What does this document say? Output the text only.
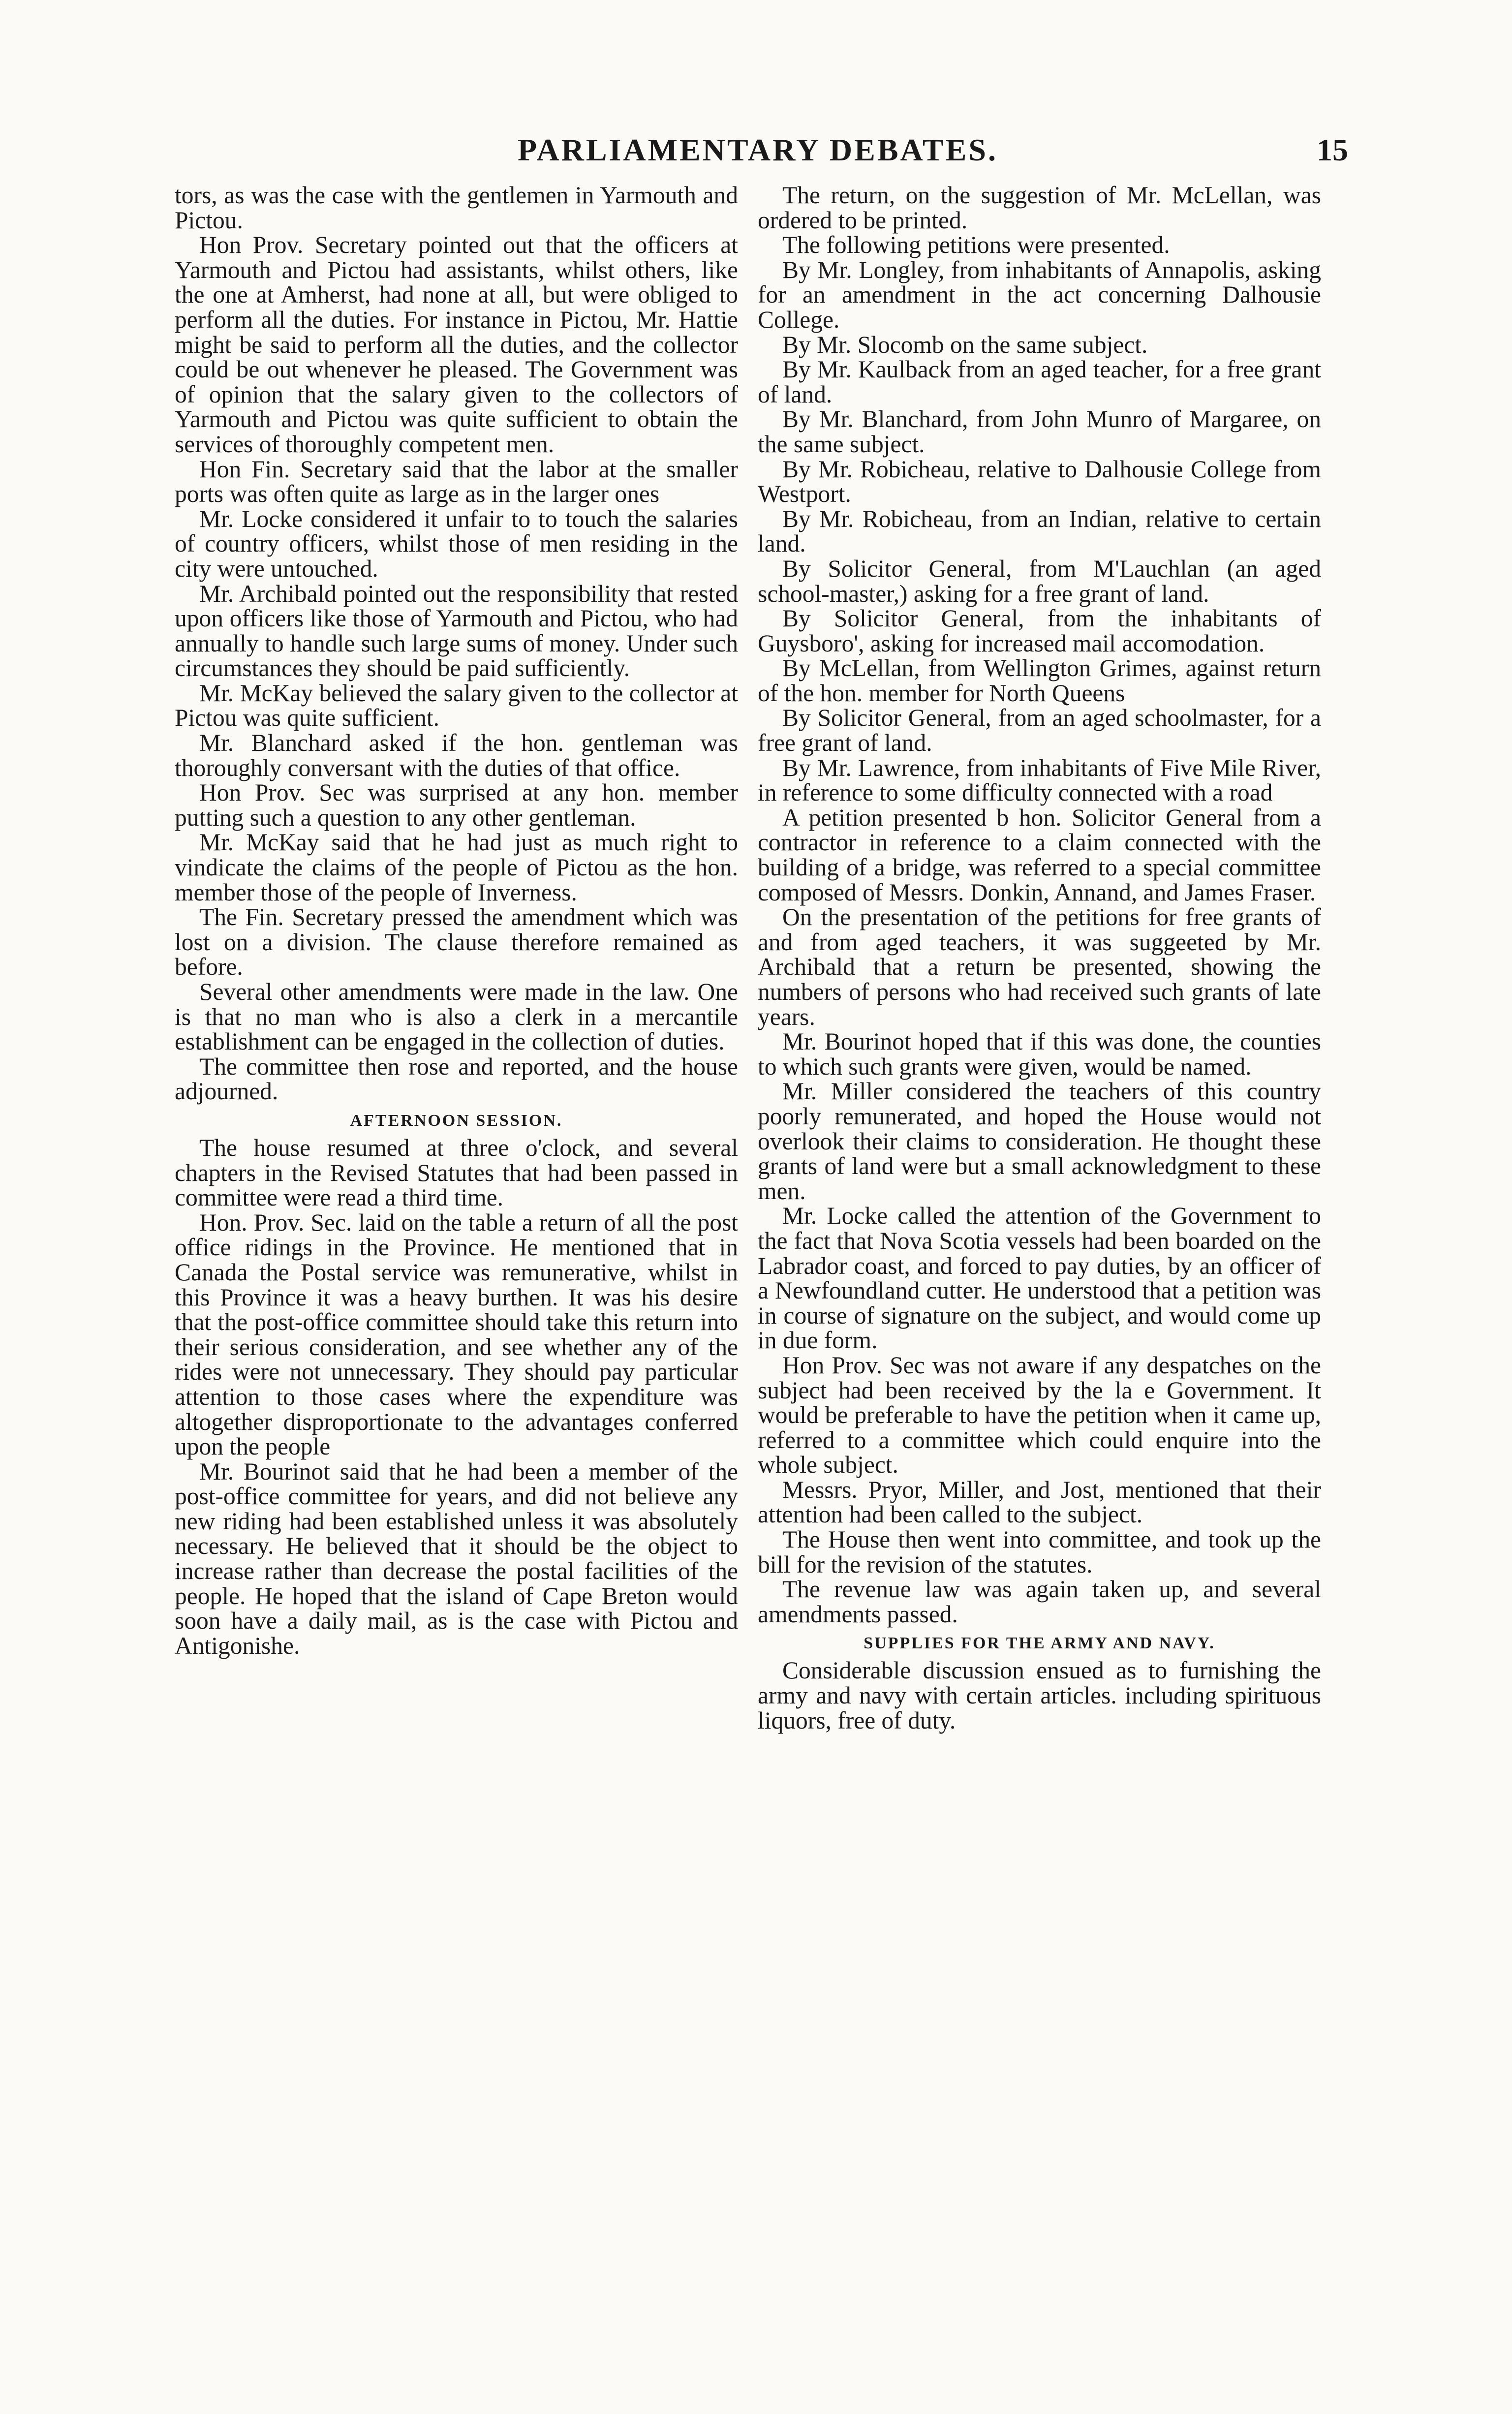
PARLIAMENTARY DEBATES.	15

tors, as was the case with the gentlemen in Yarmouth and Pictou.

Hon Prov. Secretary pointed out that the officers at Yarmouth and Pictou had assistants, whilst others, like the one at Amherst, had none at all, but were obliged to perform all the duties. For instance in Pictou, Mr. Hattie might be said to perform all the duties, and the collector could be out whenever he pleased. The Government was of opinion that the salary given to the collectors of Yarmouth and Pictou was quite sufficient to obtain the services of thoroughly competent men.

Hon Fin. Secretary said that the labor at the smaller ports was often quite as large as in the larger ones

Mr. Locke considered it unfair to to touch the salaries of country officers, whilst those of men residing in the city were untouched.

Mr. Archibald pointed out the responsibility that rested upon officers like those of Yarmouth and Pictou, who had annually to handle such large sums of money. Under such circumstances they should be paid sufficiently.

Mr. McKay believed the salary given to the collector at Pictou was quite sufficient.

Mr. Blanchard asked if the hon. gentleman was thoroughly conversant with the duties of that office.

Hon Prov. Sec was surprised at any hon. member putting such a question to any other gentleman.

Mr. McKay said that he had just as much right to vindicate the claims of the people of Pictou as the hon. member those of the people of Inverness.

The Fin. Secretary pressed the amendment which was lost on a division. The clause therefore remained as before.

Several other amendments were made in the law. One is that no man who is also a clerk in a mercantile establishment can be engaged in the collection of duties.

The committee then rose and reported, and the house adjourned.

AFTERNOON SESSION.

The house resumed at three o'clock, and several chapters in the Revised Statutes that had been passed in committee were read a third time.

Hon. Prov. Sec. laid on the table a return of all the post office ridings in the Province. He mentioned that in Canada the Postal service was remunerative, whilst in this Province it was a heavy burthen. It was his desire that the post-office committee should take this return into their serious consideration, and see whether any of the rides were not unnecessary. They should pay particular attention to those cases where the expenditure was altogether disproportionate to the advantages conferred upon the people

Mr. Bourinot said that he had been a member of the post-office committee for years, and did not believe any new riding had been established unless it was absolutely necessary. He believed that it should be the object to increase rather than decrease the postal facilities of the people. He hoped that the island of Cape Breton would soon have a daily mail, as is the case with Pictou and Antigonishe.

The return, on the suggestion of Mr. McLellan, was ordered to be printed.

The following petitions were presented.

By Mr. Longley, from inhabitants of Annapolis, asking for an amendment in the act concerning Dalhousie College.

By Mr. Slocomb on the same subject.

By Mr. Kaulback from an aged teacher, for a free grant of land.

By Mr. Blanchard, from John Munro of Margaree, on the same subject.

By Mr. Robicheau, relative to Dalhousie College from Westport.

By Mr. Robicheau, from an Indian, relative to certain land.

By Solicitor General, from M'Lauchlan (an aged school-master,) asking for a free grant of land.

By Solicitor General, from the inhabitants of Guysboro', asking for increased mail accomodation.

By McLellan, from Wellington Grimes, against return of the hon. member for North Queens

By Solicitor General, from an aged schoolmaster, for a free grant of land.

By Mr. Lawrence, from inhabitants of Five Mile River, in reference to some difficulty connected with a road

A petition presented b hon. Solicitor General from a contractor in reference to a claim connected with the building of a bridge, was referred to a special committee composed of Messrs. Donkin, Annand, and James Fraser.

On the presentation of the petitions for free grants of and from aged teachers, it was suggeeted by Mr. Archibald that a return be presented, showing the numbers of persons who had received such grants of late years.

Mr. Bourinot hoped that if this was done, the counties to which such grants were given, would be named.

Mr. Miller considered the teachers of this country poorly remunerated, and hoped the House would not overlook their claims to consideration. He thought these grants of land were but a small acknowledgment to these men.

Mr. Locke called the attention of the Government to the fact that Nova Scotia vessels had been boarded on the Labrador coast, and forced to pay duties, by an officer of a Newfoundland cutter. He understood that a petition was in course of signature on the subject, and would come up in due form.

Hon Prov. Sec was not aware if any despatches on the subject had been received by the la e Government. It would be preferable to have the petition when it came up, referred to a committee which could enquire into the whole subject.

Messrs. Pryor, Miller, and Jost, mentioned that their attention had been called to the subject.

The House then went into committee, and took up the bill for the revision of the statutes.

The revenue law was again taken up, and several amendments passed.

SUPPLIES FOR THE ARMY AND NAVY.

Considerable discussion ensued as to furnishing the army and navy with certain articles. including spirituous liquors, free of duty.
